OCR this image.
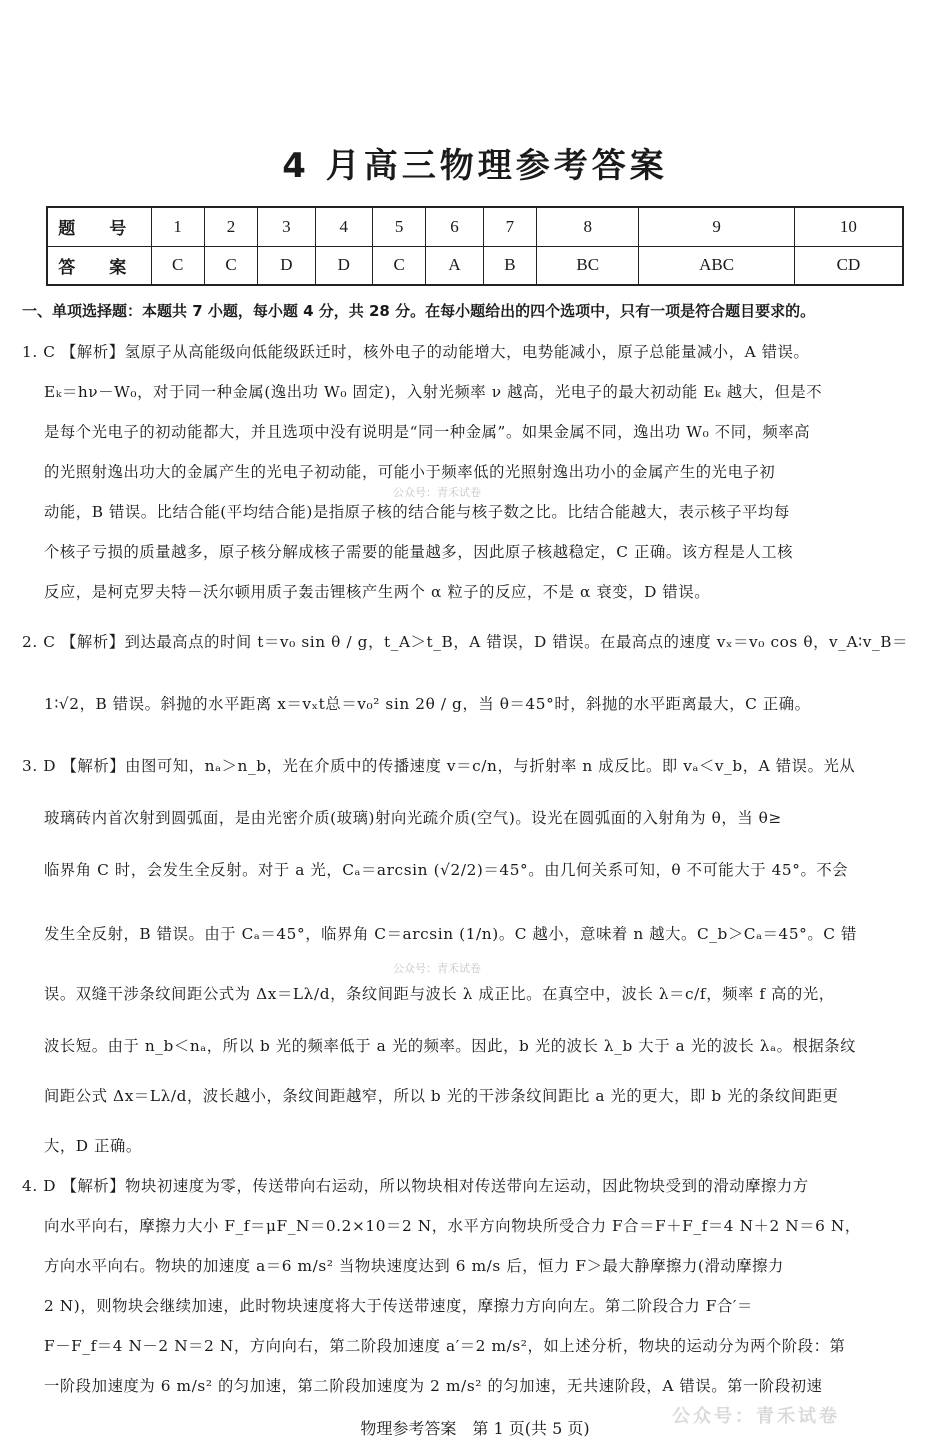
4 月高三物理参考答案
题 号	1	2	3	4	5	6	7	8	9	10
答 案	C	C	D	D	C	A	B	BC	ABC	CD
一、单项选择题：本题共 7 小题，每小题 4 分，共 28 分。在每小题给出的四个选项中，只有一项是符合题目要求的。
1. C 【解析】氢原子从高能级向低能级跃迁时，核外电子的动能增大，电势能减小，原子总能量减小，A 错误。
Eₖ＝hν－W₀，对于同一种金属(逸出功 W₀ 固定)，入射光频率 ν 越高，光电子的最大初动能 Eₖ 越大，但是不
是每个光电子的初动能都大，并且选项中没有说明是“同一种金属”。如果金属不同，逸出功 W₀ 不同，频率高
的光照射逸出功大的金属产生的光电子初动能，可能小于频率低的光照射逸出功小的金属产生的光电子初
动能，B 错误。比结合能(平均结合能)是指原子核的结合能与核子数之比。比结合能越大，表示核子平均每
个核子亏损的质量越多，原子核分解成核子需要的能量越多，因此原子核越稳定，C 正确。该方程是人工核
反应，是柯克罗夫特－沃尔顿用质子轰击锂核产生两个 α 粒子的反应，不是 α 衰变，D 错误。
公众号：青禾试卷
2. C 【解析】到达最高点的时间 t＝v₀ sin θ / g，t_A＞t_B，A 错误，D 错误。在最高点的速度 vₓ＝v₀ cos θ，v_A∶v_B＝
1∶√2，B 错误。斜抛的水平距离 x＝vₓt总＝v₀² sin 2θ / g，当 θ＝45°时，斜抛的水平距离最大，C 正确。
3. D 【解析】由图可知，nₐ＞n_b，光在介质中的传播速度 v＝c/n，与折射率 n 成反比。即 vₐ＜v_b，A 错误。光从
玻璃砖内首次射到圆弧面，是由光密介质(玻璃)射向光疏介质(空气)。设光在圆弧面的入射角为 θ，当 θ≥
临界角 C 时，会发生全反射。对于 a 光，Cₐ＝arcsin (√2/2)＝45°。由几何关系可知，θ 不可能大于 45°。不会
发生全反射，B 错误。由于 Cₐ＝45°，临界角 C＝arcsin (1/n)。C 越小，意味着 n 越大。C_b＞Cₐ＝45°。C 错
误。双缝干涉条纹间距公式为 Δx＝Lλ/d，条纹间距与波长 λ 成正比。在真空中，波长 λ＝c/f，频率 f 高的光，
波长短。由于 n_b＜nₐ，所以 b 光的频率低于 a 光的频率。因此，b 光的波长 λ_b 大于 a 光的波长 λₐ。根据条纹
间距公式 Δx＝Lλ/d，波长越小，条纹间距越窄，所以 b 光的干涉条纹间距比 a 光的更大，即 b 光的条纹间距更
大，D 正确。
公众号：青禾试卷
4. D 【解析】物块初速度为零，传送带向右运动，所以物块相对传送带向左运动，因此物块受到的滑动摩擦力方
向水平向右，摩擦力大小 F_f＝μF_N＝0.2×10＝2 N，水平方向物块所受合力 F合＝F＋F_f＝4 N＋2 N＝6 N，
方向水平向右。物块的加速度 a＝6 m/s² 当物块速度达到 6 m/s 后，恒力 F＞最大静摩擦力(滑动摩擦力
2 N)，则物块会继续加速，此时物块速度将大于传送带速度，摩擦力方向向左。第二阶段合力 F合′＝
F－F_f＝4 N－2 N＝2 N，方向向右，第二阶段加速度 a′＝2 m/s²，如上述分析，物块的运动分为两个阶段：第
一阶段加速度为 6 m/s² 的匀加速，第二阶段加速度为 2 m/s² 的匀加速，无共速阶段，A 错误。第一阶段初速
物理参考答案　第 1 页(共 5 页)
公众号：青禾试卷
